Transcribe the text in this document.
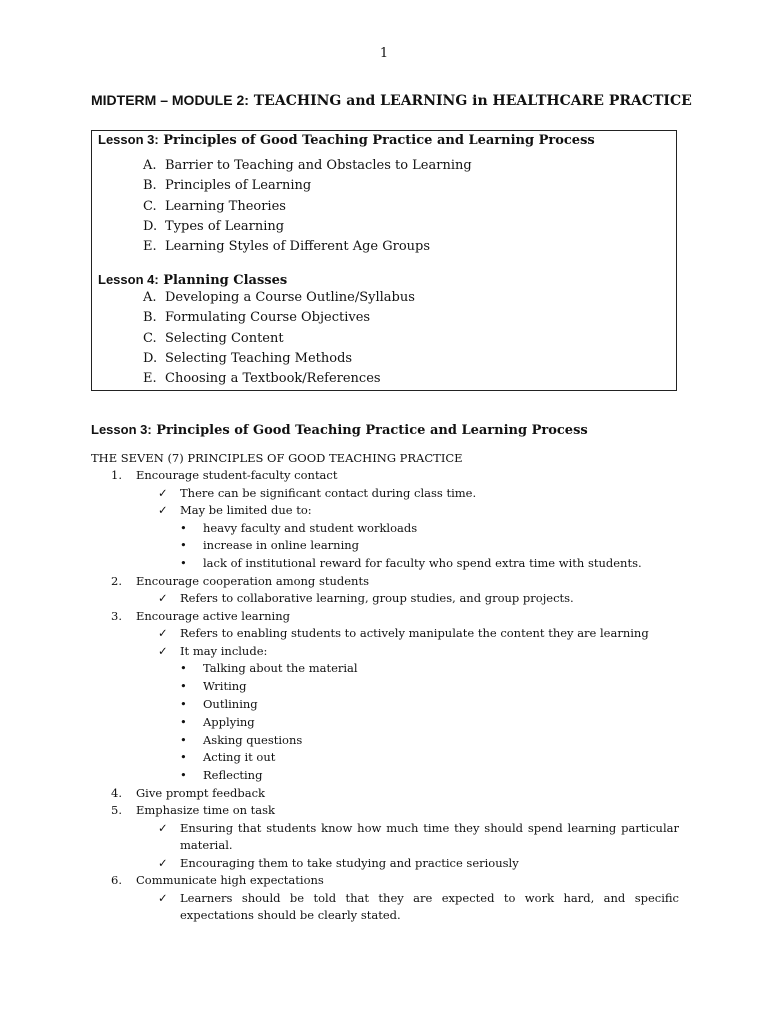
1
MIDTERM – MODULE 2: TEACHING and LEARNING in HEALTHCARE PRACTICE
Lesson 3: Principles of Good Teaching Practice and Learning Process
A. Barrier to Teaching and Obstacles to Learning
B. Principles of Learning
C. Learning Theories
D. Types of Learning
E. Learning Styles of Different Age Groups
Lesson 4: Planning Classes
A. Developing a Course Outline/Syllabus
B. Formulating Course Objectives
C. Selecting Content
D. Selecting Teaching Methods
E. Choosing a Textbook/References
Lesson 3: Principles of Good Teaching Practice and Learning Process
THE SEVEN (7) PRINCIPLES OF GOOD TEACHING PRACTICE
1.	Encourage student-faculty contact
✓ There can be significant contact during class time.
✓ May be limited due to:
• heavy faculty and student workloads
• increase in online learning
• lack of institutional reward for faculty who spend extra time with students.
2.	Encourage cooperation among students
✓ Refers to collaborative learning, group studies, and group projects.
3.	Encourage active learning
✓ Refers to enabling students to actively manipulate the content they are learning
✓ It may include:
• Talking about the material
• Writing
• Outlining
• Applying
• Asking questions
• Acting it out
• Reflecting
4.	Give prompt feedback
5.	Emphasize time on task
✓ Ensuring that students know how much time they should spend learning particular material.
✓ Encouraging them to take studying and practice seriously
6.	Communicate high expectations
✓ Learners should be told that they are expected to work hard, and specific expectations should be clearly stated.
